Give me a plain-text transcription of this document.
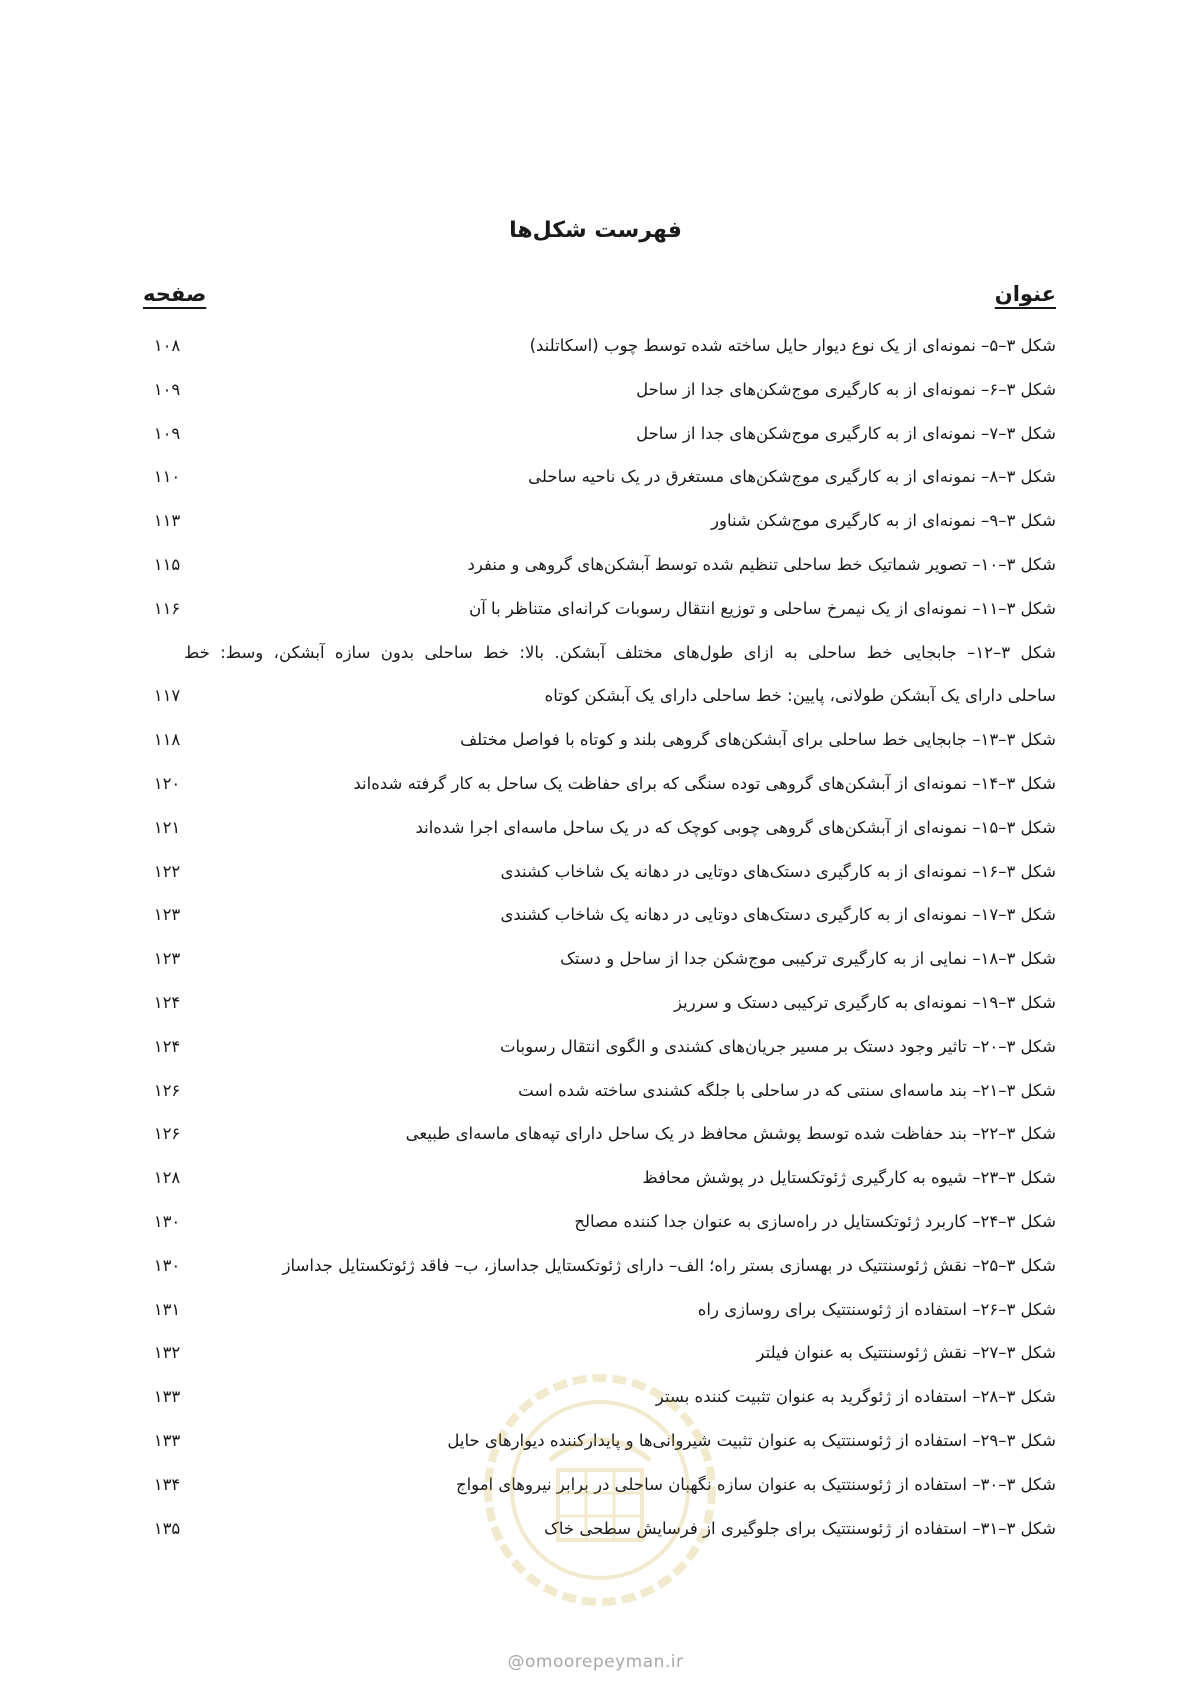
فهرست شکل‌ها
عنوان
صفحه
شکل ۳–۵– نمونه‌ای از یک نوع دیوار حایل ساخته شده توسط چوب (اسکاتلند)
۱۰۸
شکل ۳–۶– نمونه‌ای از به کارگیری موج‌شکن‌های جدا از ساحل
۱۰۹
شکل ۳–۷– نمونه‌ای از به کارگیری موج‌شکن‌های جدا از ساحل
۱۰۹
شکل ۳–۸– نمونه‌ای از به کارگیری موج‌شکن‌های مستغرق در یک ناحیه ساحلی
۱۱۰
شکل ۳–۹– نمونه‌ای از به کارگیری موج‌شکن شناور
۱۱۳
شکل ۳–۱۰– تصویر شماتیک خط ساحلی تنظیم شده توسط آبشکن‌های گروهی و منفرد
۱۱۵
شکل ۳–۱۱– نمونه‌ای از یک نیمرخ ساحلی و توزیع انتقال رسوبات کرانه‌ای متناظر با آن
۱۱۶
شکل ۳–۱۲– جابجایی خط ساحلی به ازای طول‌های مختلف آبشکن. بالا: خط ساحلی بدون سازه آبشکن، وسط: خط
ساحلی دارای یک آبشکن طولانی، پایین: خط ساحلی دارای یک آبشکن کوتاه
۱۱۷
شکل ۳–۱۳– جابجایی خط ساحلی برای آبشکن‌های گروهی بلند و کوتاه با فواصل مختلف
۱۱۸
شکل ۳–۱۴– نمونه‌ای از آبشکن‌های گروهی توده سنگی که برای حفاظت یک ساحل به کار گرفته شده‌اند
۱۲۰
شکل ۳–۱۵– نمونه‌ای از آبشکن‌های گروهی چوبی کوچک که در یک ساحل ماسه‌ای اجرا شده‌اند
۱۲۱
شکل ۳–۱۶– نمونه‌ای از به کارگیری دستک‌های دوتایی در دهانه یک شاخاب کشندی
۱۲۲
شکل ۳–۱۷– نمونه‌ای از به کارگیری دستک‌های دوتایی در دهانه یک شاخاب کشندی
۱۲۳
شکل ۳–۱۸– نمایی از به کارگیری ترکیبی موج‌شکن جدا از ساحل و دستک
۱۲۳
شکل ۳–۱۹– نمونه‌ای به کارگیری ترکیبی دستک و سرریز
۱۲۴
شکل ۳–۲۰– تاثیر وجود دستک بر مسیر جریان‌های کشندی و الگوی انتقال رسوبات
۱۲۴
شکل ۳–۲۱– بند ماسه‌ای سنتی که در ساحلی با جلگه کشندی ساخته شده است
۱۲۶
شکل ۳–۲۲– بند حفاظت شده توسط پوشش محافظ در یک ساحل دارای تپه‌های ماسه‌ای طبیعی
۱۲۶
شکل ۳–۲۳– شیوه به کارگیری ژئوتکستایل در پوشش محافظ
۱۲۸
شکل ۳–۲۴– کاربرد ژئوتکستایل در راه‌سازی به عنوان جدا کننده مصالح
۱۳۰
شکل ۳–۲۵– نقش ژئوسنتتیک در بهسازی بستر راه؛ الف– دارای ژئوتکستایل جداساز، ب– فاقد ژئوتکستایل جداساز
۱۳۰
شکل ۳–۲۶– استفاده از ژئوسنتتیک برای روسازی راه
۱۳۱
شکل ۳–۲۷– نقش ژئوسنتتیک به عنوان فیلتر
۱۳۲
شکل ۳–۲۸– استفاده از ژئوگرید به عنوان تثبیت کننده بستر
۱۳۳
شکل ۳–۲۹– استفاده از ژئوسنتتیک به عنوان تثبیت شیروانی‌ها و پایدارکننده دیوارهای حایل
۱۳۳
شکل ۳–۳۰– استفاده از ژئوسنتتیک به عنوان سازه نگهبان ساحلی در برابر نیروهای امواج
۱۳۴
شکل ۳–۳۱– استفاده از ژئوسنتتیک برای جلوگیری از فرسایش سطحی خاک
۱۳۵
@omoorepeyman.ir
